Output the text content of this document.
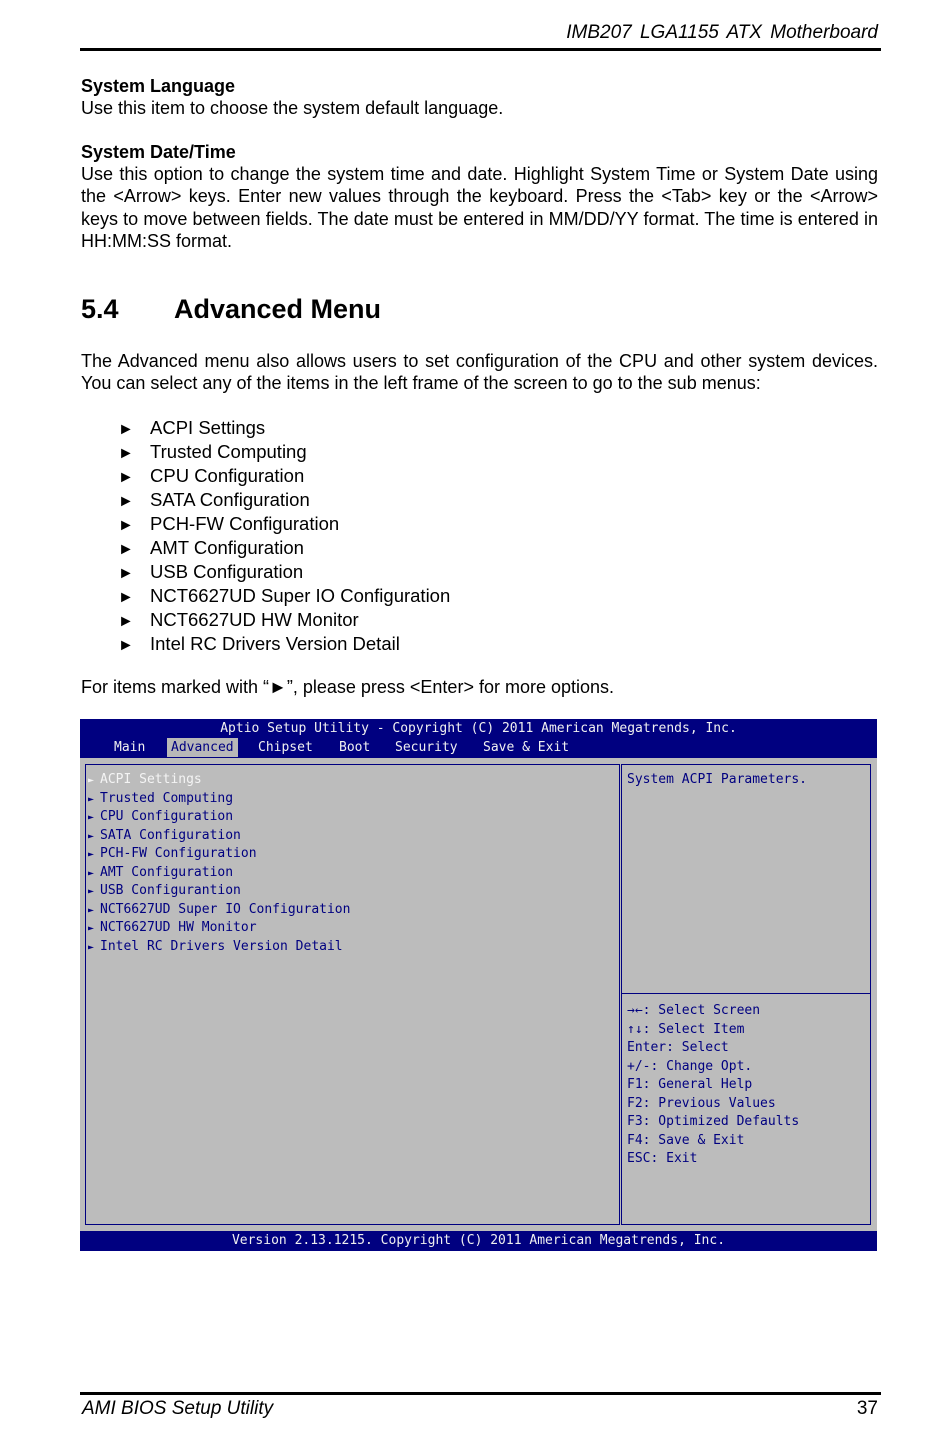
IMB207 LGA1155 ATX Motherboard
System Language
Use this item to choose the system default language.
System Date/Time
Use this option to change the system time and date. Highlight System Time or System Date using the <Arrow> keys. Enter new values through the keyboard. Press the <Tab> key or the <Arrow> keys to move between fields. The date must be entered in MM/DD/YY format. The time is entered in HH:MM:SS format.
5.4 Advanced Menu
The Advanced menu also allows users to set configuration of the CPU and other system devices. You can select any of the items in the left frame of the screen to go to the sub menus:
► ACPI Settings
► Trusted Computing
► CPU Configuration
► SATA Configuration
► PCH-FW Configuration
► AMT Configuration
► USB Configuration
► NCT6627UD Super IO Configuration
► NCT6627UD HW Monitor
► Intel RC Drivers Version Detail
For items marked with “►”, please press <Enter> for more options.
Aptio Setup Utility - Copyright (C) 2011 American Megatrends, Inc.
Main	Advanced	Chipset Boot Security Save & Exit
► ACPI Settings
► Trusted Computing
► CPU Configuration
► SATA Configuration
► PCH-FW Configuration
► AMT Configuration
► USB Configurantion
► NCT6627UD Super IO Configuration
► NCT6627UD HW Monitor
► Intel RC Drivers Version Detail
System ACPI Parameters.
→←: Select Screen
↑↓: Select Item
Enter: Select
+/-: Change Opt.
F1: General Help
F2: Previous Values
F3: Optimized Defaults
F4: Save & Exit
ESC: Exit
Version 2.13.1215. Copyright (C) 2011 American Megatrends, Inc.
AMI BIOS Setup Utility	37
